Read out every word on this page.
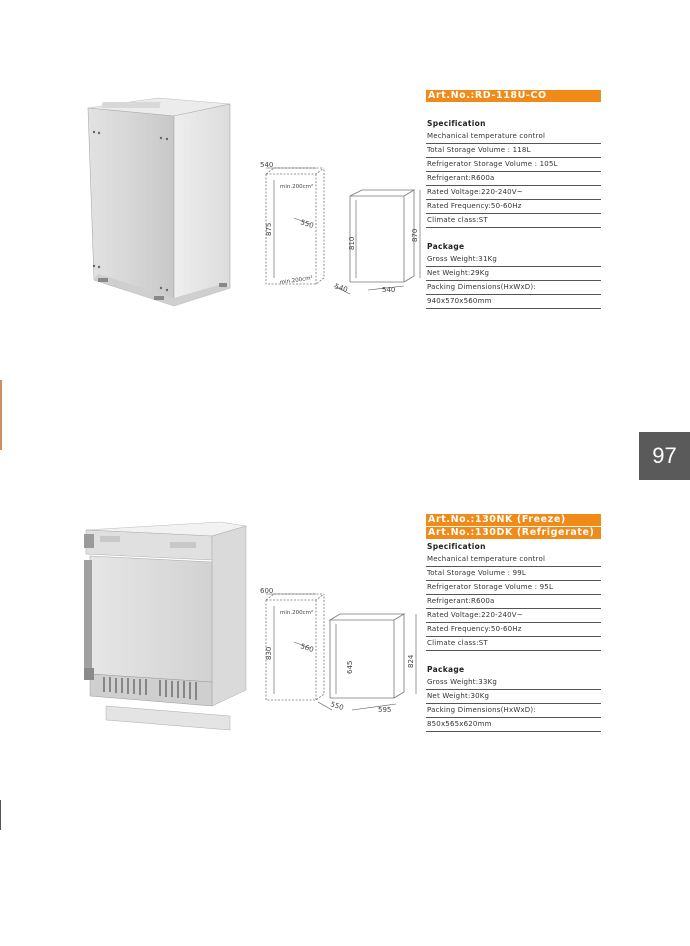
540
875	550
min.200cm²
min.200cm²
810
870
540	540
Art.No.:RD-118U-CO
Specification
Mechanical temperature control
Total Storage Volume : 118L
Refrigerator Storage Volume : 105L
Refrigerant:R600a
Rated Voltage:220-240V~
Rated Frequency:50-60Hz
Climate class:ST
Package
Gross Weight:31Kg
Net Weight:29Kg
Packing Dimensions(HxWxD):
940x570x560mm
97
600
830	560
min.200cm²
645	824
550	595
Art.No.:130NK (Freeze)
Art.No.:130DK (Refrigerate)
Specification
Mechanical temperature control
Total Storage Volume : 99L
Refrigerator Storage Volume : 95L
Refrigerant:R600a
Rated Voltage:220-240V~
Rated Frequency:50-60Hz
Climate class:ST
Package
Gross Weight:33Kg
Net Weight:30Kg
Packing Dimensions(HxWxD):
850x565x620mm
